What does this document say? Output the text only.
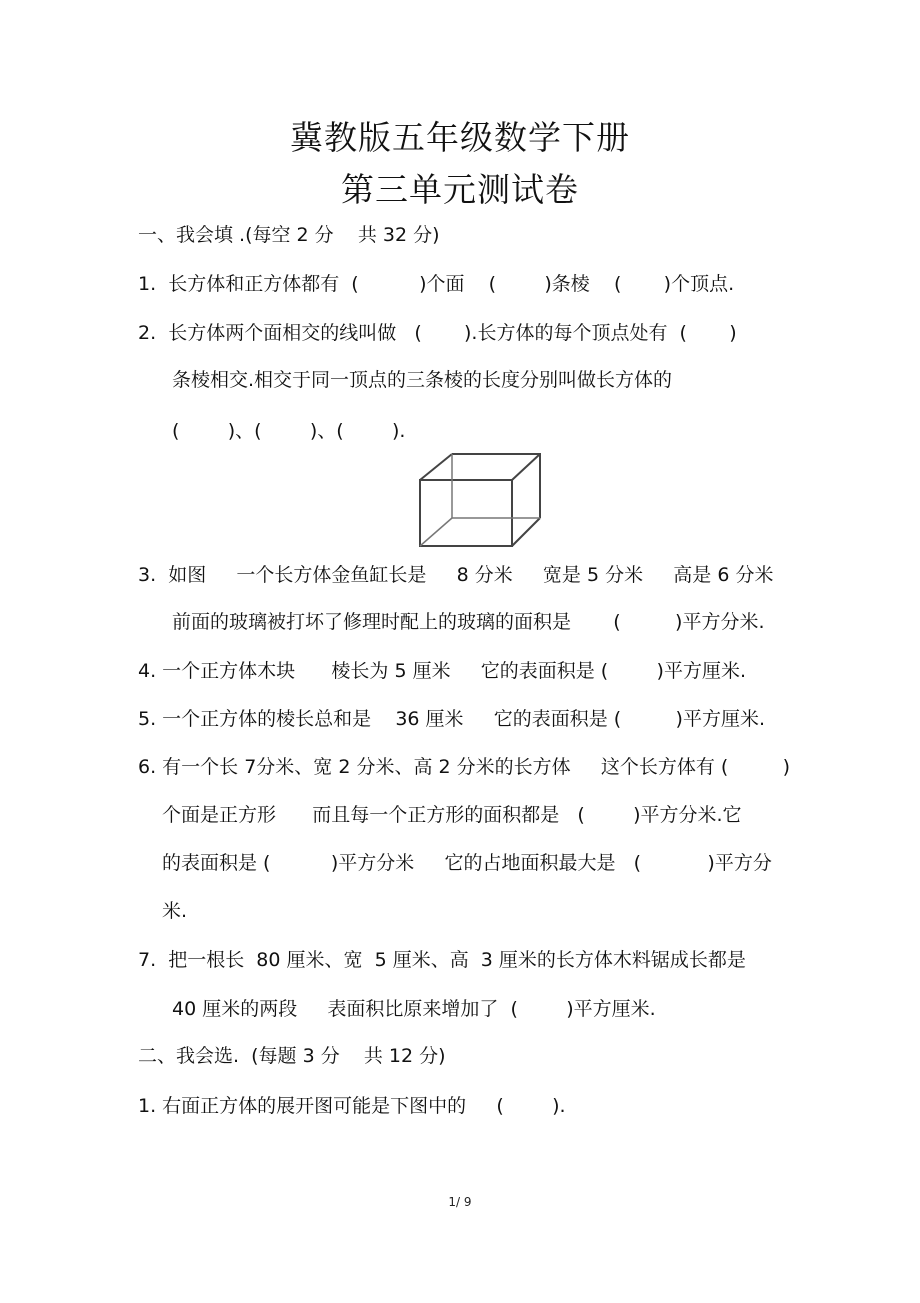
冀教版五年级数学下册
第三单元测试卷
一、我会填 .(每空 2 分    共 32 分)
1.  长方体和正方体都有  (          )个面    (        )条棱    (       )个顶点.
2.  长方体两个面相交的线叫做   (       ).长方体的每个顶点处有  (       )
条棱相交.相交于同一顶点的三条棱的长度分别叫做长方体的
(        )、(        )、(        ).
3.  如图     一个长方体金鱼缸长是     8 分米     宽是 5 分米     高是 6 分米
前面的玻璃被打坏了修理时配上的玻璃的面积是       (         )平方分米.
4. 一个正方体木块      棱长为 5 厘米     它的表面积是 (        )平方厘米.
5. 一个正方体的棱长总和是    36 厘米     它的表面积是 (         )平方厘米.
6. 有一个长 7分米、宽 2 分米、高 2 分米的长方体     这个长方体有 (         )
个面是正方形      而且每一个正方形的面积都是   (        )平方分米.它
的表面积是 (          )平方分米     它的占地面积最大是   (           )平方分
米.
7.  把一根长  80 厘米、宽  5 厘米、高  3 厘米的长方体木料锯成长都是
40 厘米的两段     表面积比原来增加了  (        )平方厘米.
二、我会选.  (每题 3 分    共 12 分)
1. 右面正方体的展开图可能是下图中的     (        ).
1/ 9
